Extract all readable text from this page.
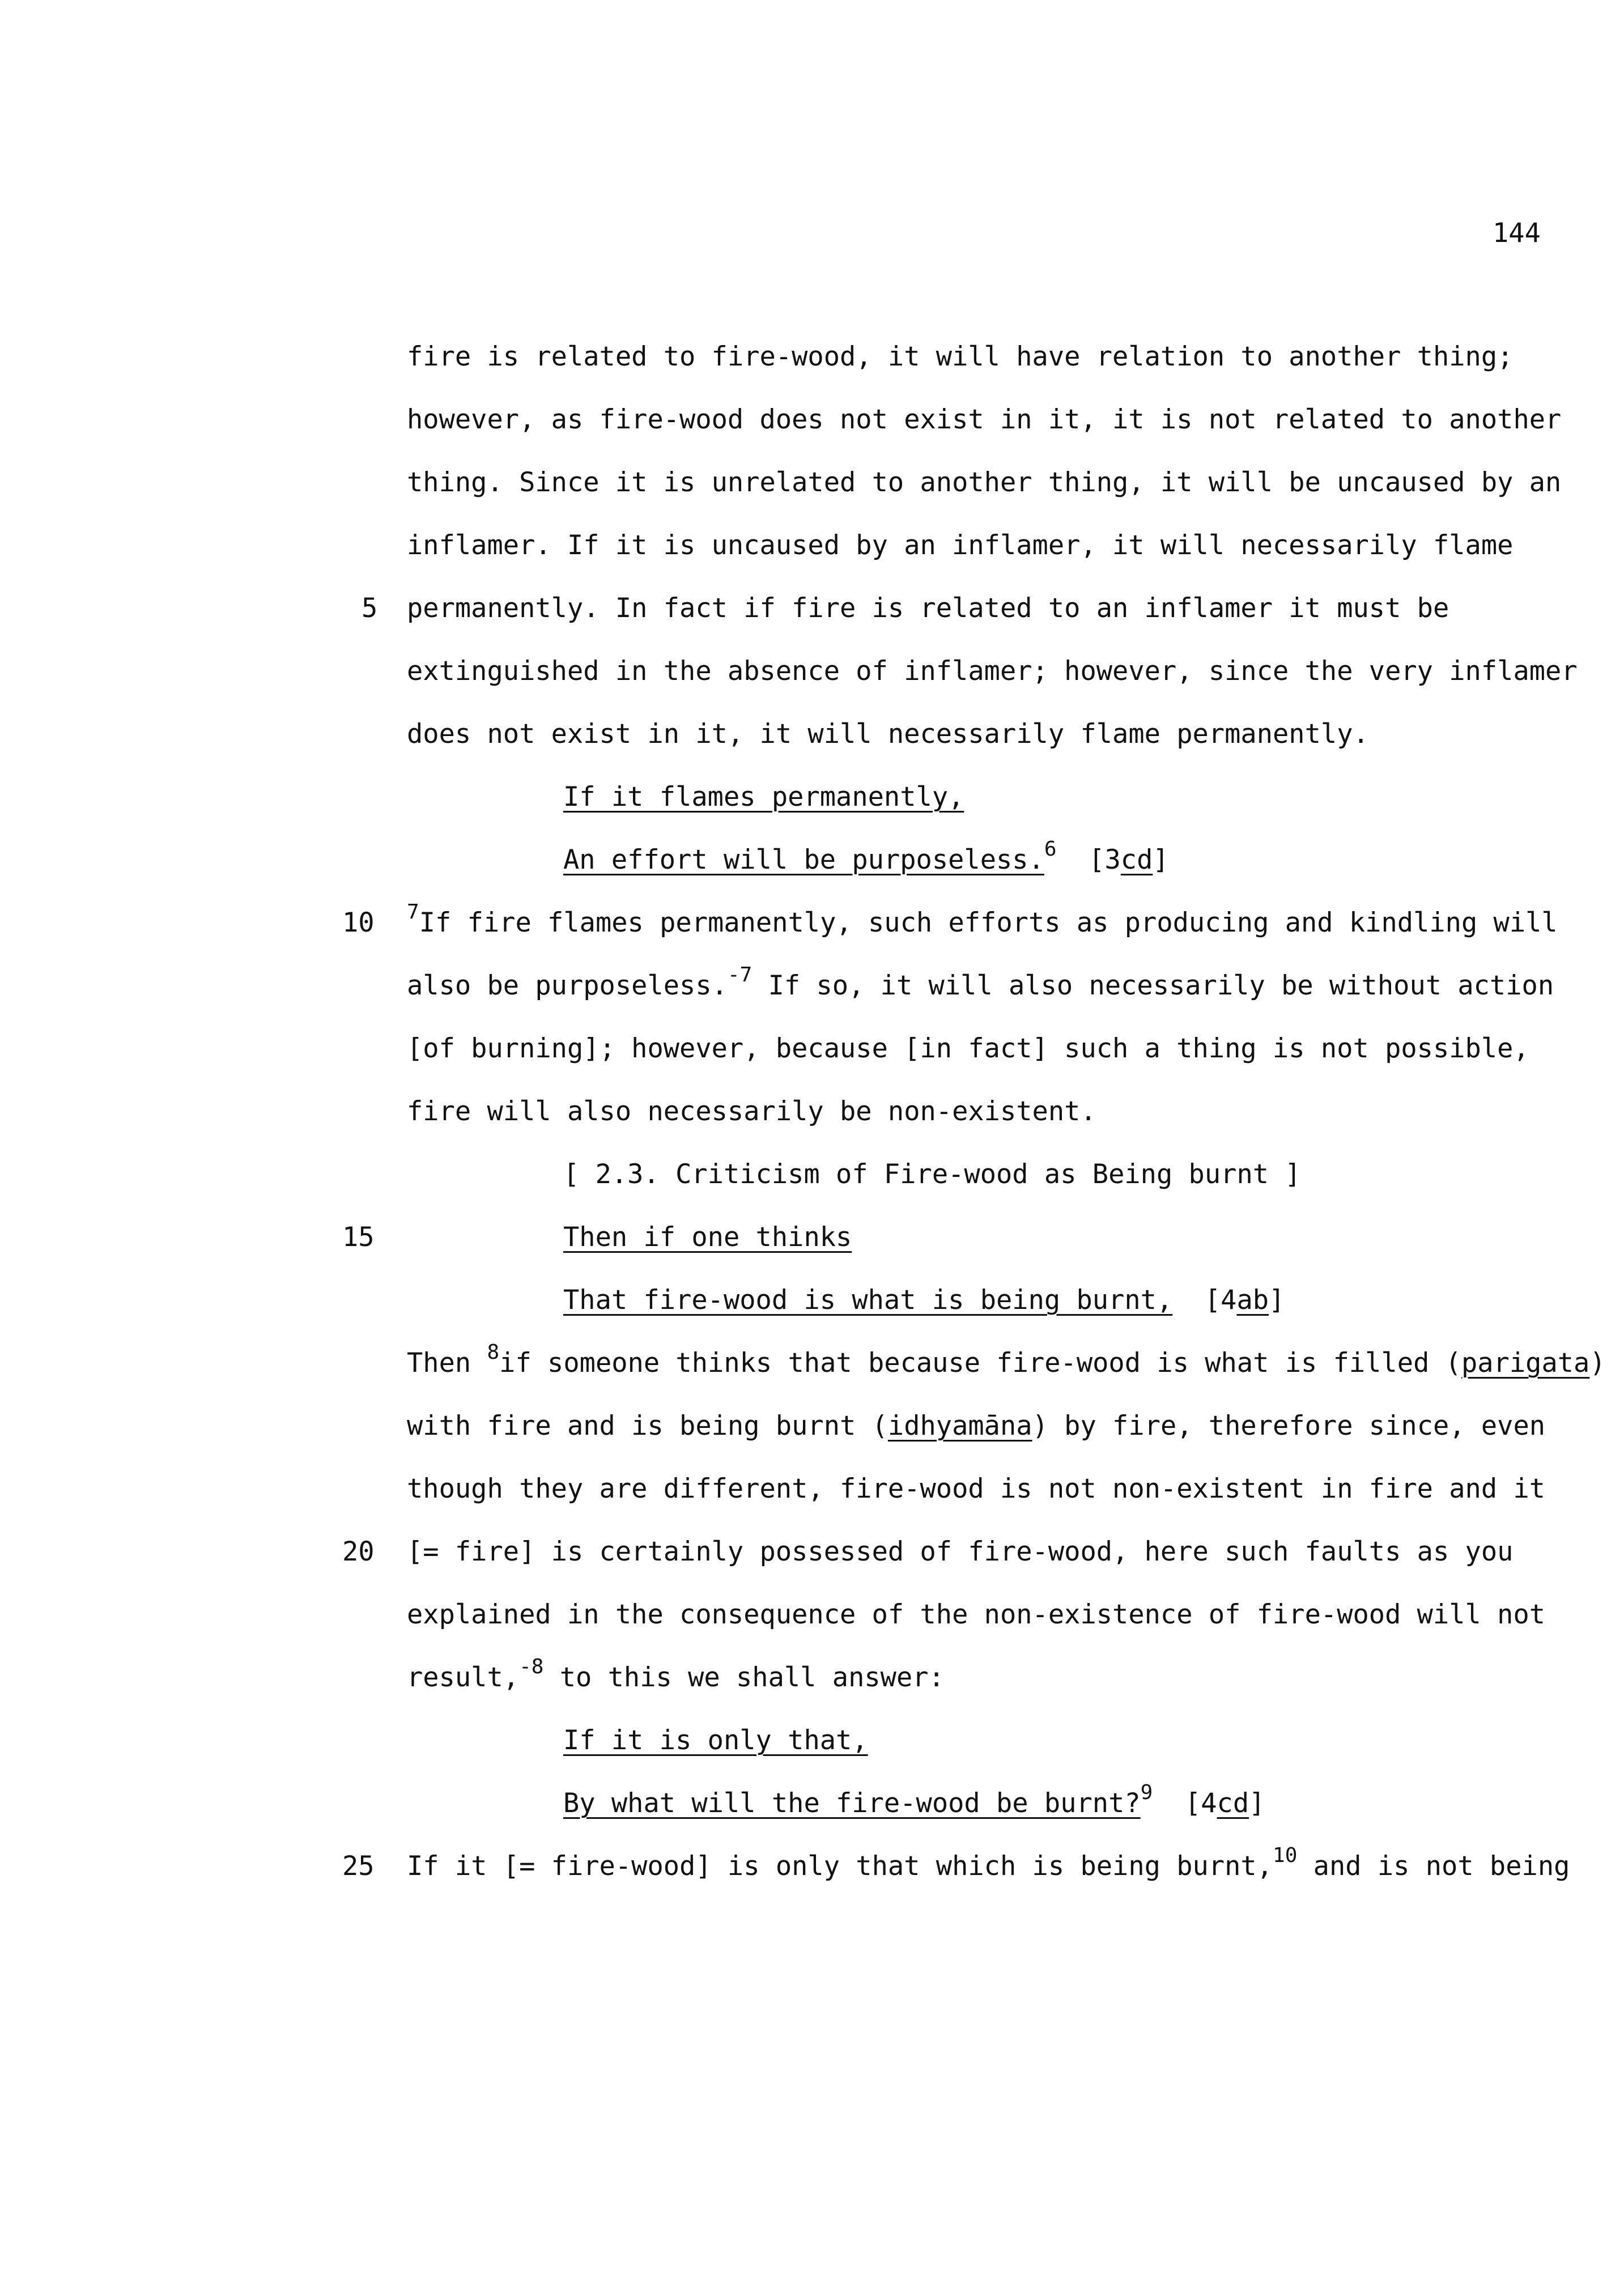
144
fire is related to fire-wood, it will have relation to another thing;
however, as fire-wood does not exist in it, it is not related to another
thing. Since it is unrelated to another thing, it will be uncaused by an
inflamer. If it is uncaused by an inflamer, it will necessarily flame
5 permanently. In fact if fire is related to an inflamer it must be
extinguished in the absence of inflamer; however, since the very inflamer
does not exist in it, it will necessarily flame permanently.
If it flames permanently,
An effort will be purposeless.$^6$ [3cd]
10 $^7$If fire flames permanently, such efforts as producing and kindling will
also be purposeless.$^{-7}$ If so, it will also necessarily be without action
[of burning]; however, because [in fact] such a thing is not possible,
fire will also necessarily be non-existent.
[ 2.3. Criticism of Fire-wood as Being burnt ]
15	Then if one thinks
That fire-wood is what is being burnt, [4ab]
Then $^8$if someone thinks that because fire-wood is what is filled (parigata)
with fire and is being burnt (idhyamāna) by fire, therefore since, even
though they are different, fire-wood is not non-existent in fire and it
20 [= fire] is certainly possessed of fire-wood, here such faults as you
explained in the consequence of the non-existence of fire-wood will not
result,$^{-8}$ to this we shall answer:
If it is only that,
By what will the fire-wood be burnt?$^9$ [4cd]
25 If it [= fire-wood] is only that which is being burnt,$^{10}$ and is not being
